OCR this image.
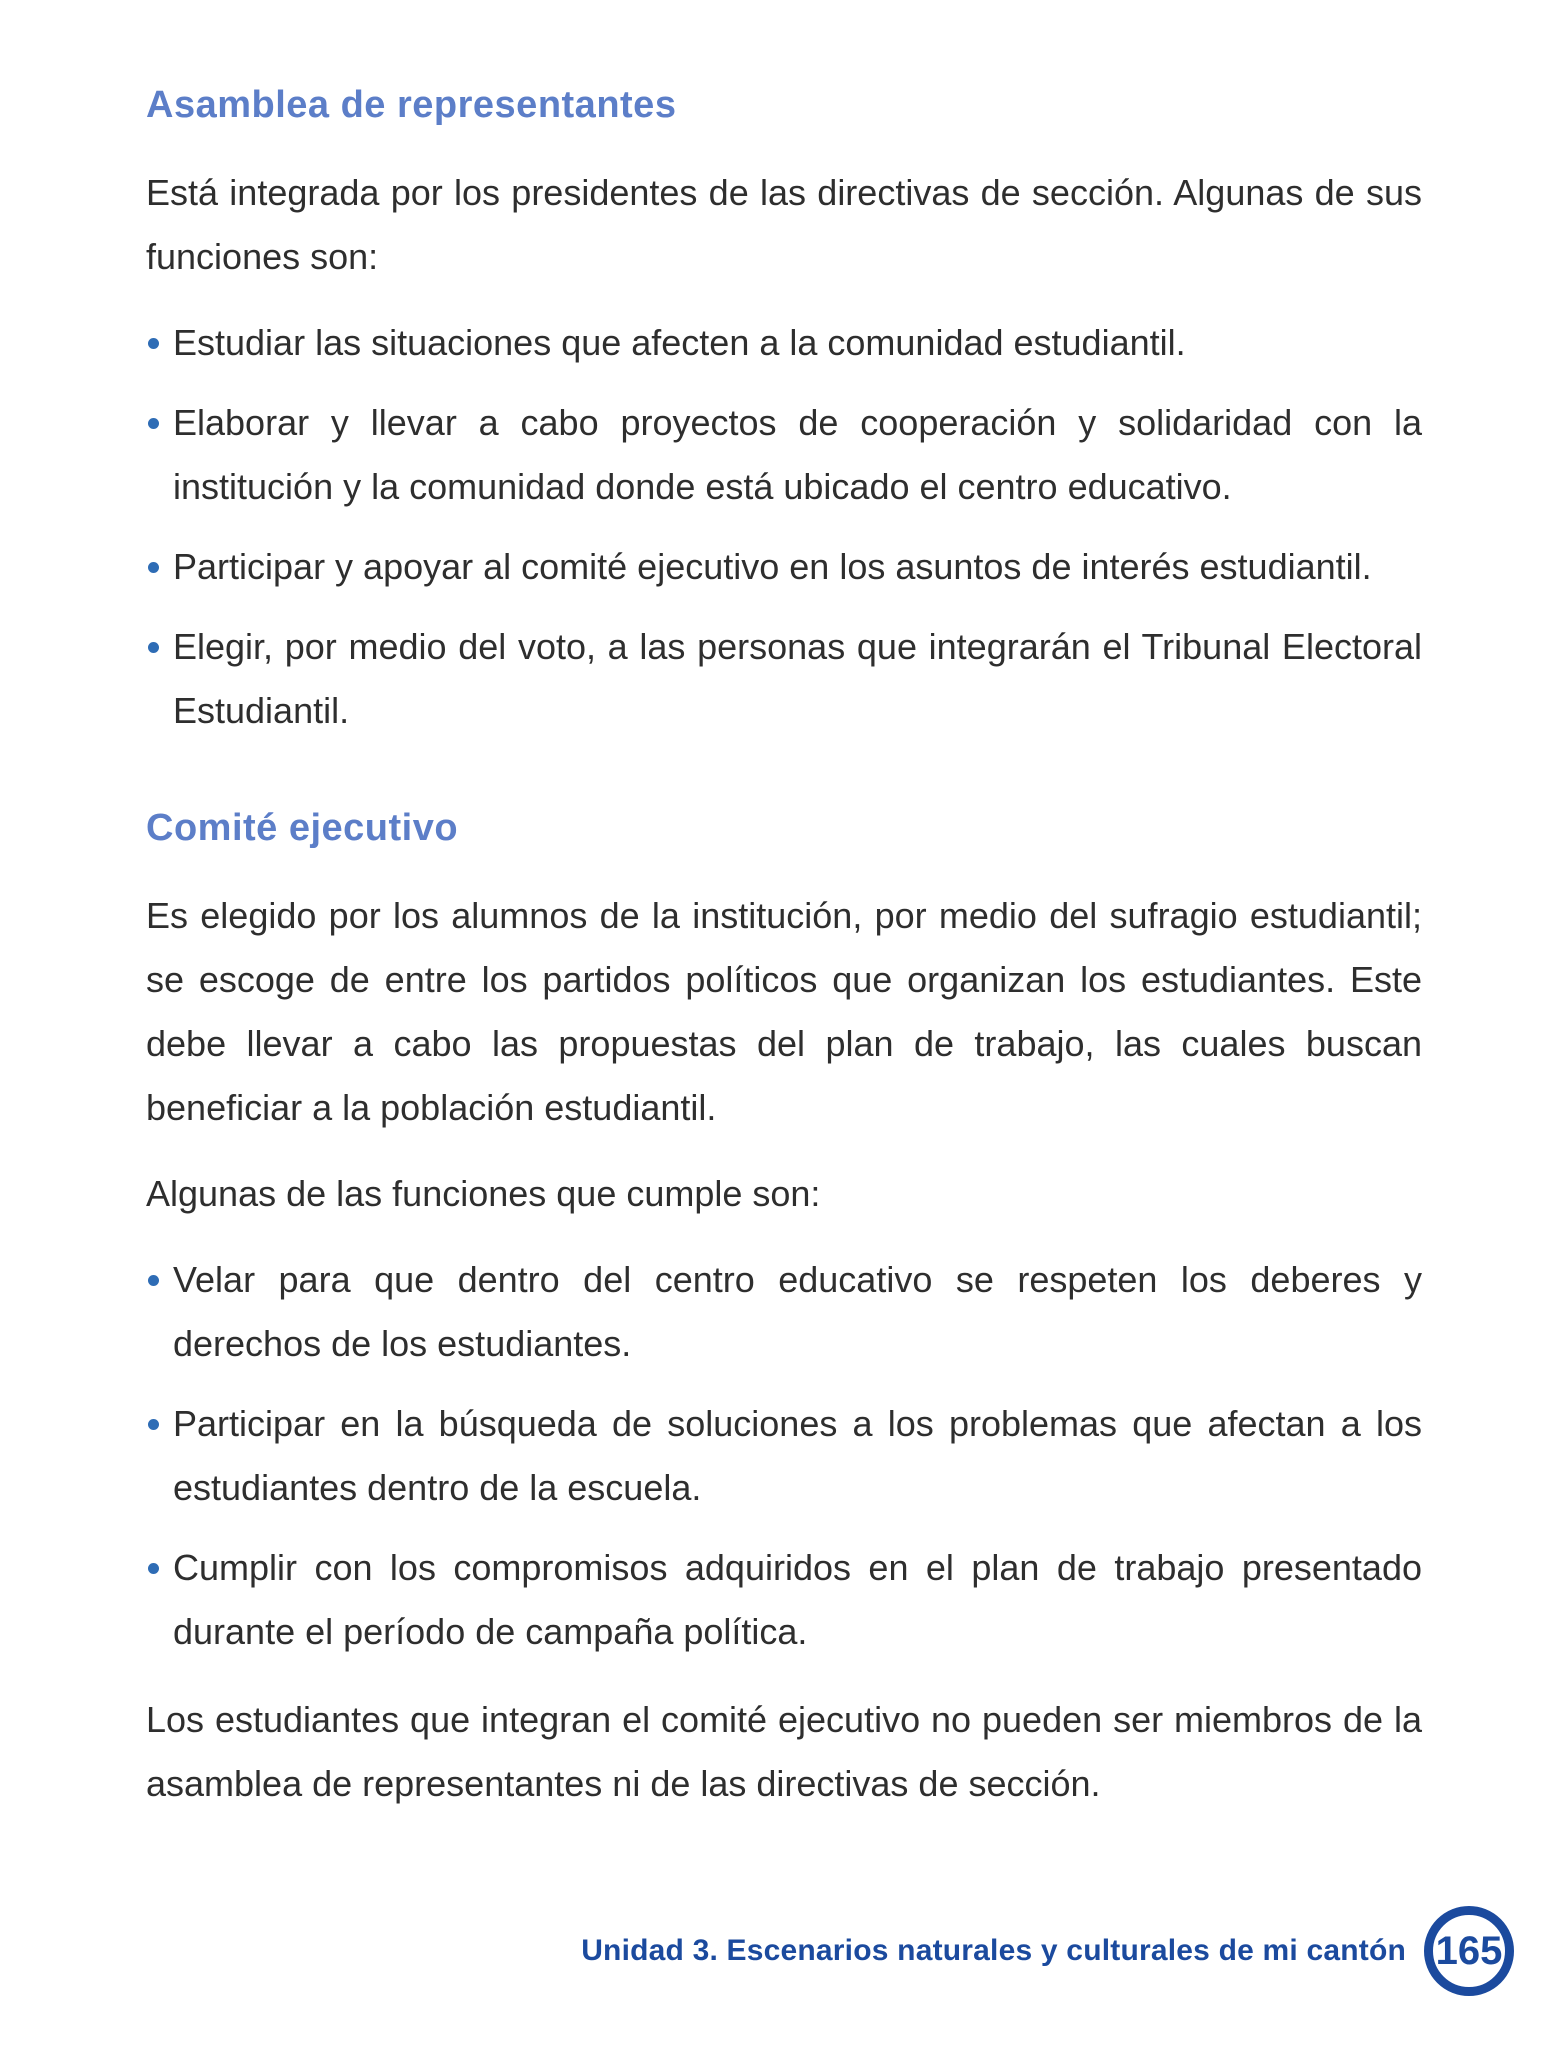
Asamblea de representantes

Está integrada por los presidentes de las directivas de sección. Algunas de sus funciones son:

Estudiar las situaciones que afecten a la comunidad estudiantil.
Elaborar y llevar a cabo proyectos de cooperación y solidaridad con la institución y la comunidad donde está ubicado el centro educativo.
Participar y apoyar al comité ejecutivo en los asuntos de interés estudiantil.
Elegir, por medio del voto, a las personas que integrarán el Tribunal Electoral Estudiantil.
Comité ejecutivo

Es elegido por los alumnos de la institución, por medio del sufragio estudiantil; se escoge de entre los partidos políticos que organizan los estudiantes. Este debe llevar a cabo las propuestas del plan de trabajo, las cuales buscan beneficiar a la población estudiantil.

Algunas de las funciones que cumple son:

Velar para que dentro del centro educativo se respeten los deberes y derechos de los estudiantes.
Participar en la búsqueda de soluciones a los problemas que afectan a los estudiantes dentro de la escuela.
Cumplir con los compromisos adquiridos en el plan de trabajo presentado durante el período de campaña política.

Los estudiantes que integran el comité ejecutivo no pueden ser miembros de la asamblea de representantes ni de las directivas de sección.

Unidad 3. Escenarios naturales y culturales de mi cantón 165
